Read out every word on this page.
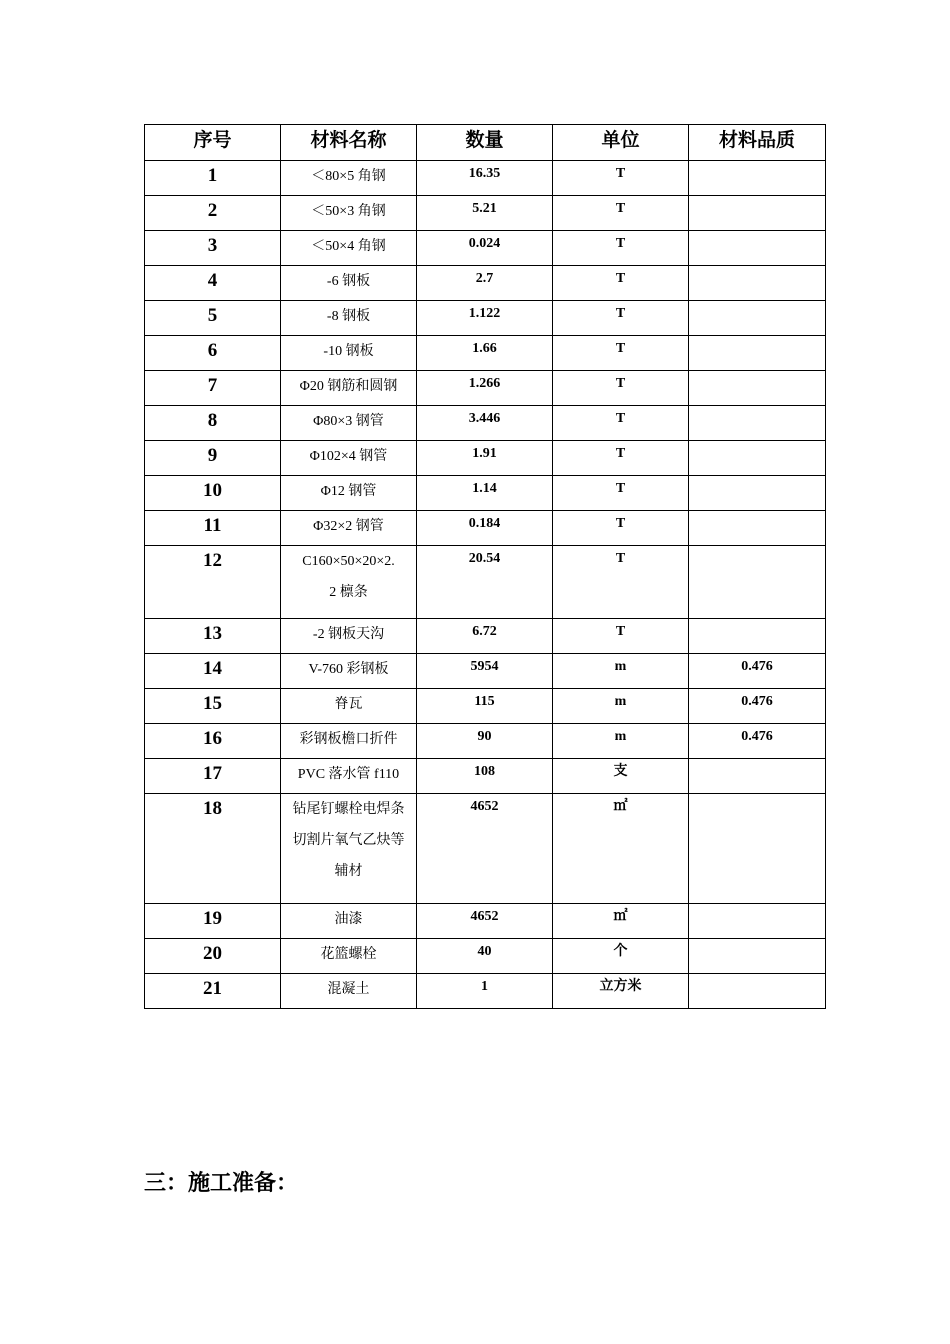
序号	材料名称	数量	单位	材料品质
1	＜80×5 角钢	16.35	T	
2	＜50×3 角钢	5.21	T	
3	＜50×4 角钢	0.024	T	
4	-6 钢板	2.7	T	
5	-8 钢板	1.122	T	
6	-10 钢板	1.66	T	
7	Φ20 钢筋和圆钢	1.266	T	
8	Φ80×3 钢管	3.446	T	
9	Φ102×4 钢管	1.91	T	
10	Φ12 钢管	1.14	T	
11	Φ32×2 钢管	0.184	T	
12	C160×50×20×2.
2 檩条	20.54	T	
13	-2 钢板天沟	6.72	T	
14	V-760 彩钢板	5954	m	0.476
15	脊瓦	115	m	0.476
16	彩钢板檐口折件	90	m	0.476
17	PVC 落水管 f110	108	支	
18	钻尾钉螺栓电焊条
切割片氧气乙炔等
辅材	4652	㎡	
19	油漆	4652	㎡	
20	花篮螺栓	40	个	
21	混凝土	1	立方米	
三：施工准备：
